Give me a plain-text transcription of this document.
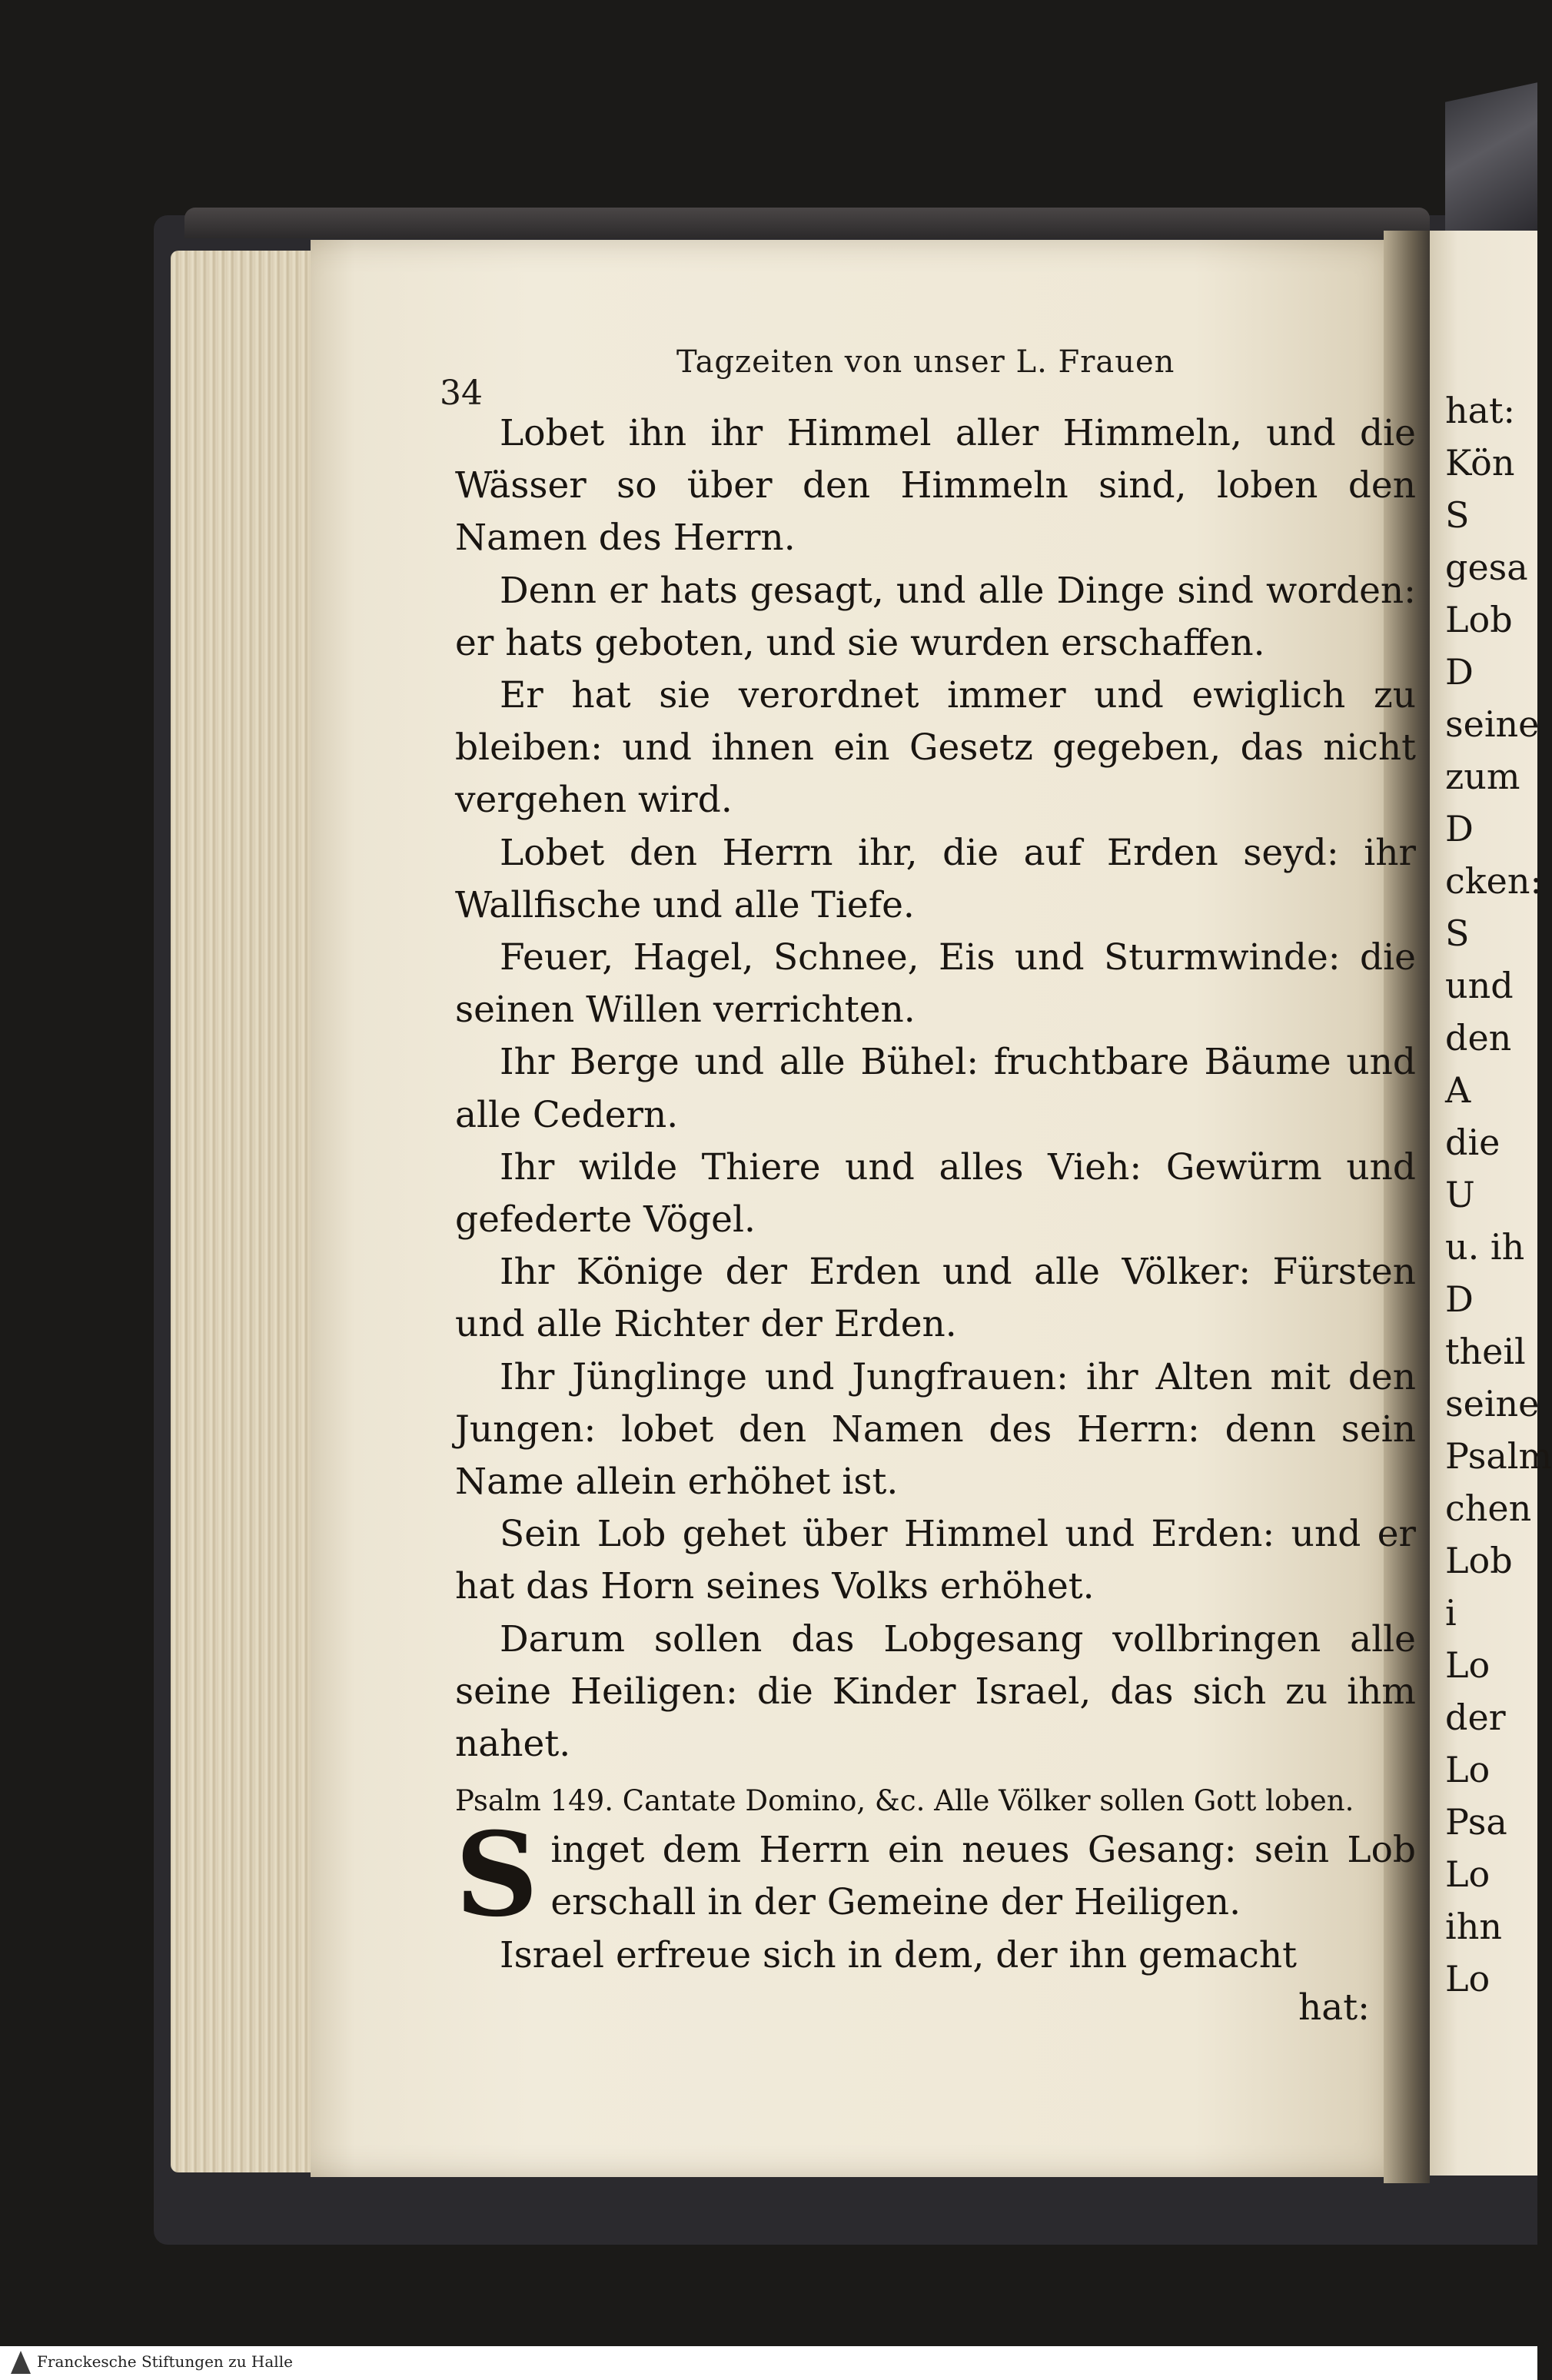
34
Tagzeiten von unser L. Frauen

Lobet ihn ihr Himmel aller Himmeln, und die Wässer so über den Himmeln sind, loben den Namen des Herrn.

Denn er hats gesagt, und alle Dinge sind worden: er hats geboten, und sie wurden erschaffen.

Er hat sie verordnet immer und ewiglich zu bleiben: und ihnen ein Gesetz gegeben, das nicht vergehen wird.

Lobet den Herrn ihr, die auf Erden seyd: ihr Wallfische und alle Tiefe.

Feuer, Hagel, Schnee, Eis und Sturmwinde: die seinen Willen verrichten.

Ihr Berge und alle Bühel: fruchtbare Bäume und alle Cedern.

Ihr wilde Thiere und alles Vieh: Gewürm und gefederte Vögel.

Ihr Könige der Erden und alle Völker: Fürsten und alle Richter der Erden.

Ihr Jünglinge und Jungfrauen: ihr Alten mit den Jungen: lobet den Namen des Herrn: denn sein Name allein erhöhet ist.

Sein Lob gehet über Himmel und Erden: und er hat das Horn seines Volks erhöhet.

Darum sollen das Lobgesang vollbringen alle seine Heiligen: die Kinder Israel, das sich zu ihm nahet.

Psalm 149. Cantate Domino, &c. Alle Völker sollen Gott loben.

S inget dem Herrn ein neues Gesang: sein Lob erschall in der Gemeine der Heiligen.

Israel erfreue sich in dem, der ihn gemacht

hat:

hat:
Kön
S
gesa
Lob
D
seine
zum
D
cken:
S
und
den
A
die
U
u. ih
D
theil
seine
Psalm
chen
Lob
i
Lo
der
Lo
Psa
Lo
ihn
Lo
Franckesche Stiftungen zu Halle
